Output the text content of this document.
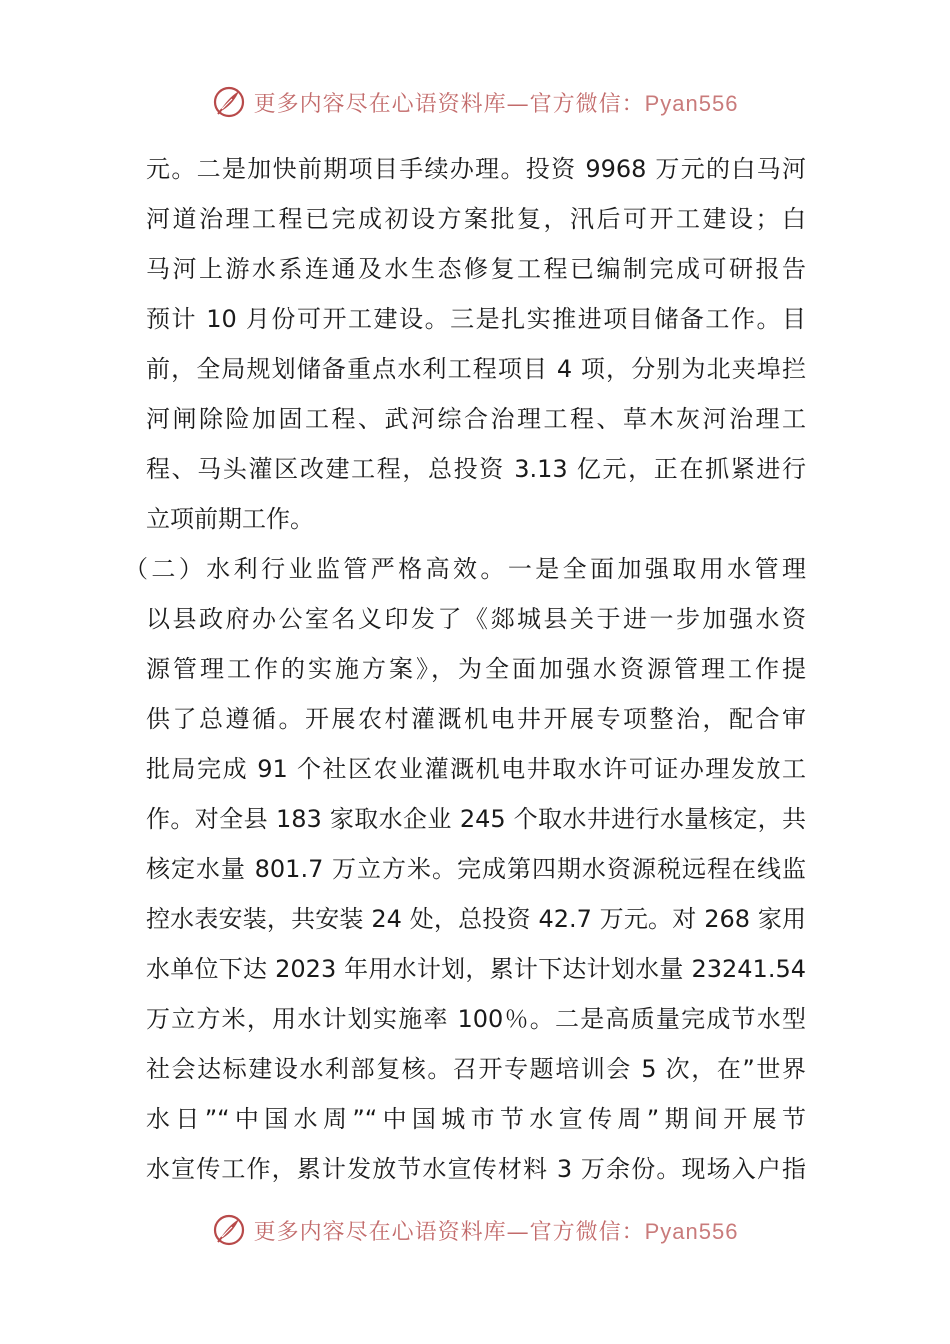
更多内容尽在心语资料库—官方微信：Pyan556
元。二是加快前期项目手续办理。投资 9968 万元的白马河
河道治理工程已完成初设方案批复，汛后可开工建设；白
马河上游水系连通及水生态修复工程已编制完成可研报告
预计 10 月份可开工建设。三是扎实推进项目储备工作。目
前，全局规划储备重点水利工程项目 4 项，分别为北夹埠拦
河闸除险加固工程、武河综合治理工程、草木灰河治理工
程、马头灌区改建工程，总投资 3.13 亿元，正在抓紧进行
立项前期工作。
（二）水利行业监管严格高效。一是全面加强取用水管理
以县政府办公室名义印发了《郯城县关于进一步加强水资
源管理工作的实施方案》，为全面加强水资源管理工作提
供了总遵循。开展农村灌溉机电井开展专项整治，配合审
批局完成 91 个社区农业灌溉机电井取水许可证办理发放工
作。对全县 183 家取水企业 245 个取水井进行水量核定，共
核定水量 801.7 万立方米。完成第四期水资源税远程在线监
控水表安装，共安装 24 处，总投资 42.7 万元。对 268 家用
水单位下达 2023 年用水计划，累计下达计划水量 23241.54
万立方米，用水计划实施率 100％。二是高质量完成节水型
社会达标建设水利部复核。召开专题培训会 5 次，在”世界
水日”“中国水周”“中国城市节水宣传周”期间开展节
水宣传工作，累计发放节水宣传材料 3 万余份。现场入户指
更多内容尽在心语资料库—官方微信：Pyan556
